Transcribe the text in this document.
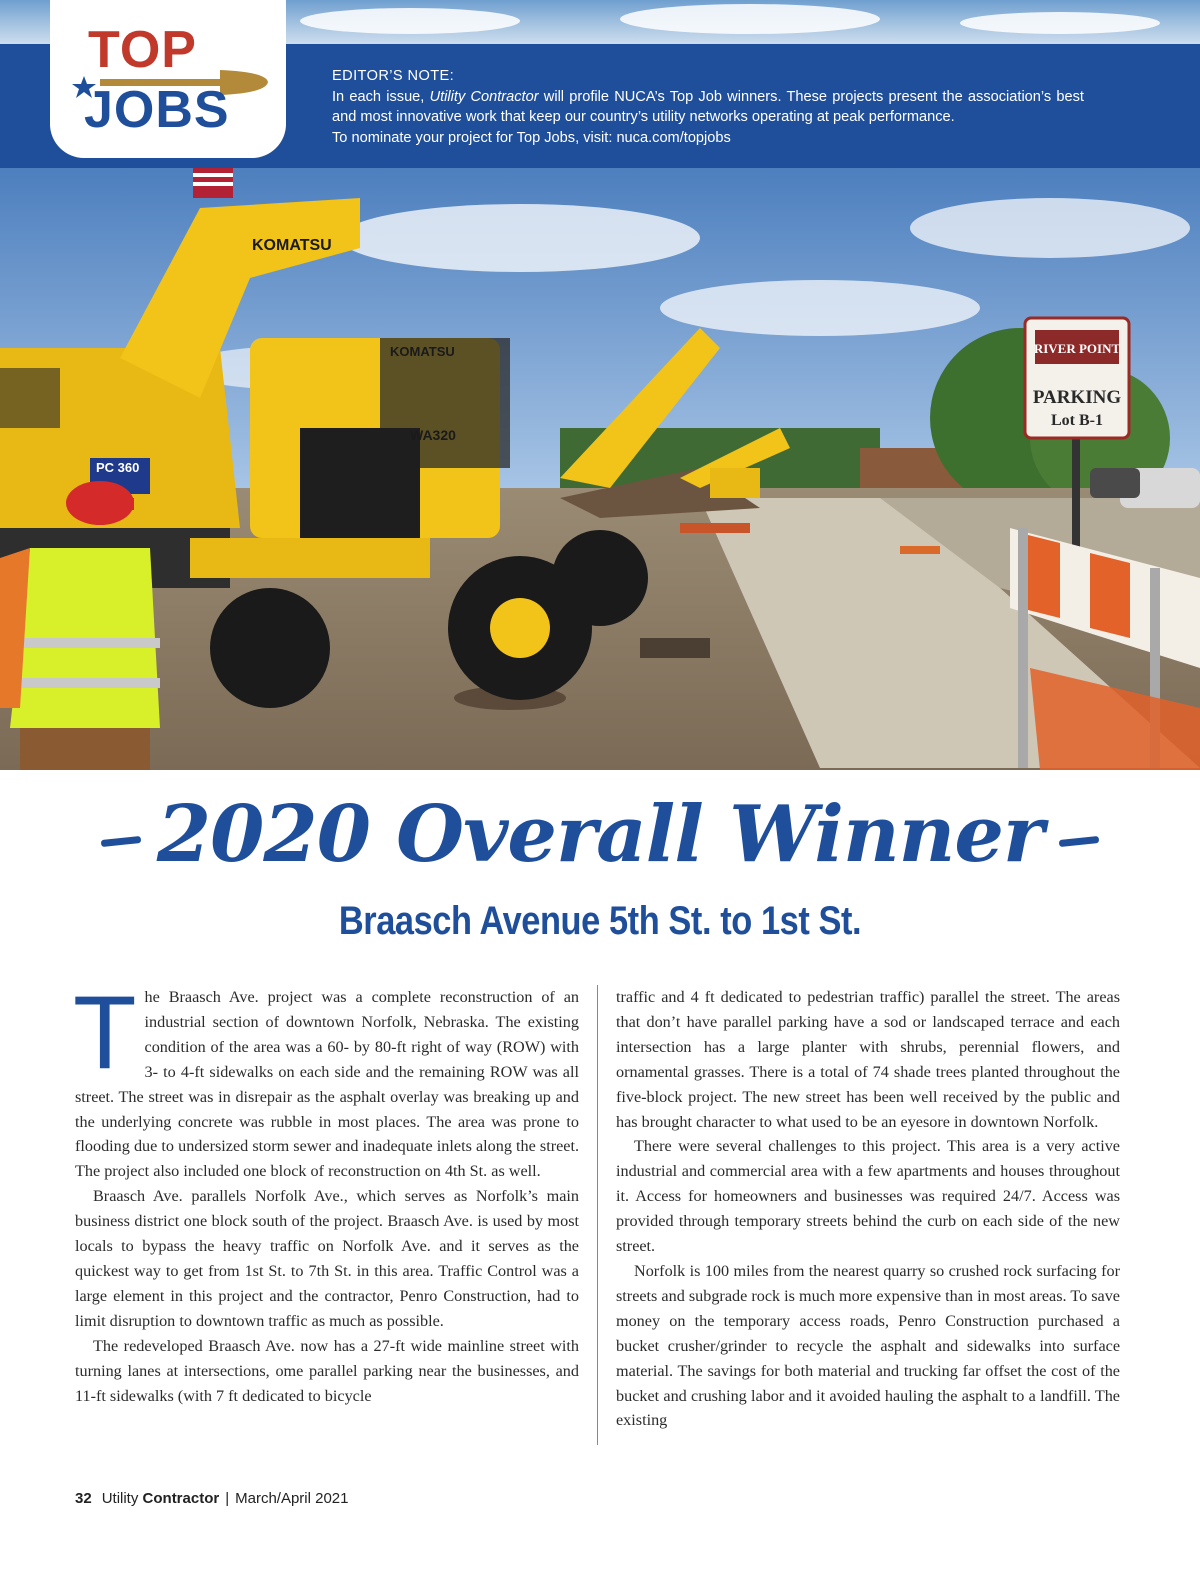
EDITOR’S NOTE:
In each issue, Utility Contractor will profile NUCA’s Top Job winners. These projects present the association’s best and most innovative work that keep our country’s utility networks operating at peak performance.
To nominate your project for Top Jobs, visit: nuca.com/topjobs
TOP
JOBS
KOMATSU
PC 360
WA320
KOMATSU	RIVER POINT
PARKING
Lot B-1
2020 Overall Winner
Braasch Avenue 5th St. to 1st St.

The Braasch Ave. project was a complete reconstruction of an industrial section of downtown Norfolk, Nebraska. The existing condition of the area was a 60- by 80-ft right of way (ROW) with 3- to 4-ft sidewalks on each side and the remaining ROW was all street. The street was in disrepair as the asphalt overlay was breaking up and the underlying concrete was rubble in most places. The area was prone to flooding due to undersized storm sewer and inadequate inlets along the street. The project also included one block of reconstruction on 4th St. as well.

Braasch Ave. parallels Norfolk Ave., which serves as Norfolk’s main business district one block south of the project. Braasch Ave. is used by most locals to bypass the heavy traffic on Norfolk Ave. and it serves as the quickest way to get from 1st St. to 7th St. in this area. Traffic Control was a large element in this project and the contractor, Penro Construction, had to limit disruption to downtown traffic as much as possible.

The redeveloped Braasch Ave. now has a 27-ft wide mainline street with turning lanes at intersections, ome parallel parking near the businesses, and 11-ft sidewalks (with 7 ft dedicated to bicycle

traffic and 4 ft dedicated to pedestrian traffic) parallel the street. The areas that don’t have parallel parking have a sod or landscaped terrace and each intersection has a large planter with shrubs, perennial flowers, and ornamental grasses. There is a total of 74 shade trees planted throughout the five-block project. The new street has been well received by the public and has brought character to what used to be an eyesore in downtown Norfolk.

There were several challenges to this project. This area is a very active industrial and commercial area with a few apartments and houses throughout it. Access for homeowners and businesses was required 24/7. Access was provided through temporary streets behind the curb on each side of the new street.

Norfolk is 100 miles from the nearest quarry so crushed rock surfacing for streets and subgrade rock is much more expensive than in most areas. To save money on the temporary access roads, Penro Construction purchased a bucket crusher/grinder to recycle the asphalt and sidewalks into surface material. The savings for both material and trucking far offset the cost of the bucket and crushing labor and it avoided hauling the asphalt to a landfill. The existing

32 Utility Contractor | March/April 2021
